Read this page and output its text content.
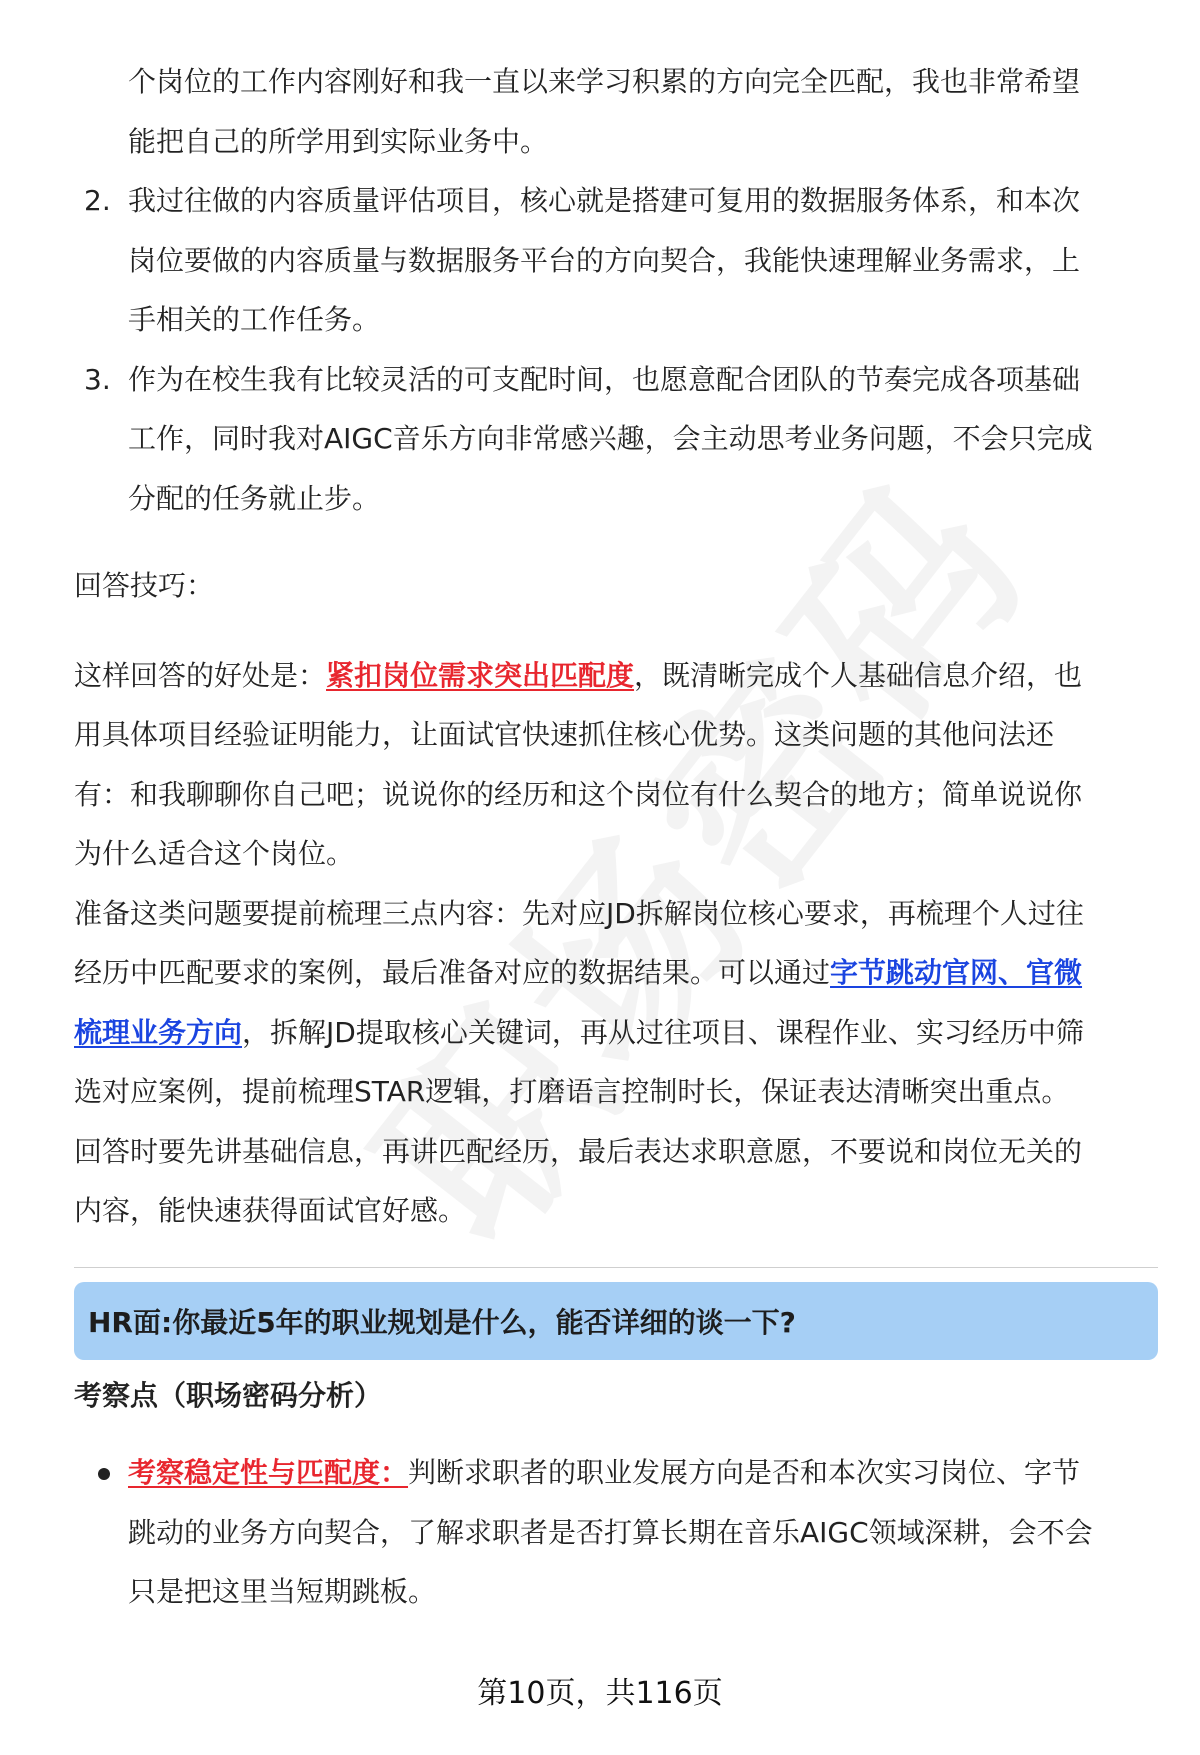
个岗位的工作内容刚好和我一直以来学习积累的方向完全匹配，我也非常希望
能把自己的所学用到实际业务中。
2. 我过往做的内容质量评估项目，核心就是搭建可复用的数据服务体系，和本次
岗位要做的内容质量与数据服务平台的方向契合，我能快速理解业务需求，上
手相关的工作任务。
3. 作为在校生我有比较灵活的可支配时间，也愿意配合团队的节奏完成各项基础
工作，同时我对AIGC音乐方向非常感兴趣，会主动思考业务问题，不会只完成
分配的任务就止步。
回答技巧：
这样回答的好处是：紧扣岗位需求突出匹配度，既清晰完成个人基础信息介绍，也
用具体项目经验证明能力，让面试官快速抓住核心优势。这类问题的其他问法还
有：和我聊聊你自己吧；说说你的经历和这个岗位有什么契合的地方；简单说说你
为什么适合这个岗位。
准备这类问题要提前梳理三点内容：先对应JD拆解岗位核心要求，再梳理个人过往
经历中匹配要求的案例，最后准备对应的数据结果。可以通过字节跳动官网、官微
梳理业务方向，拆解JD提取核心关键词，再从过往项目、课程作业、实习经历中筛
选对应案例，提前梳理STAR逻辑，打磨语言控制时长，保证表达清晰突出重点。
回答时要先讲基础信息，再讲匹配经历，最后表达求职意愿，不要说和岗位无关的
内容，能快速获得面试官好感。
HR面:你最近5年的职业规划是什么，能否详细的谈一下?
考察点（职场密码分析）
考察稳定性与匹配度：判断求职者的职业发展方向是否和本次实习岗位、字节
跳动的业务方向契合，了解求职者是否打算长期在音乐AIGC领域深耕，会不会
只是把这里当短期跳板。
第10页，共116页
